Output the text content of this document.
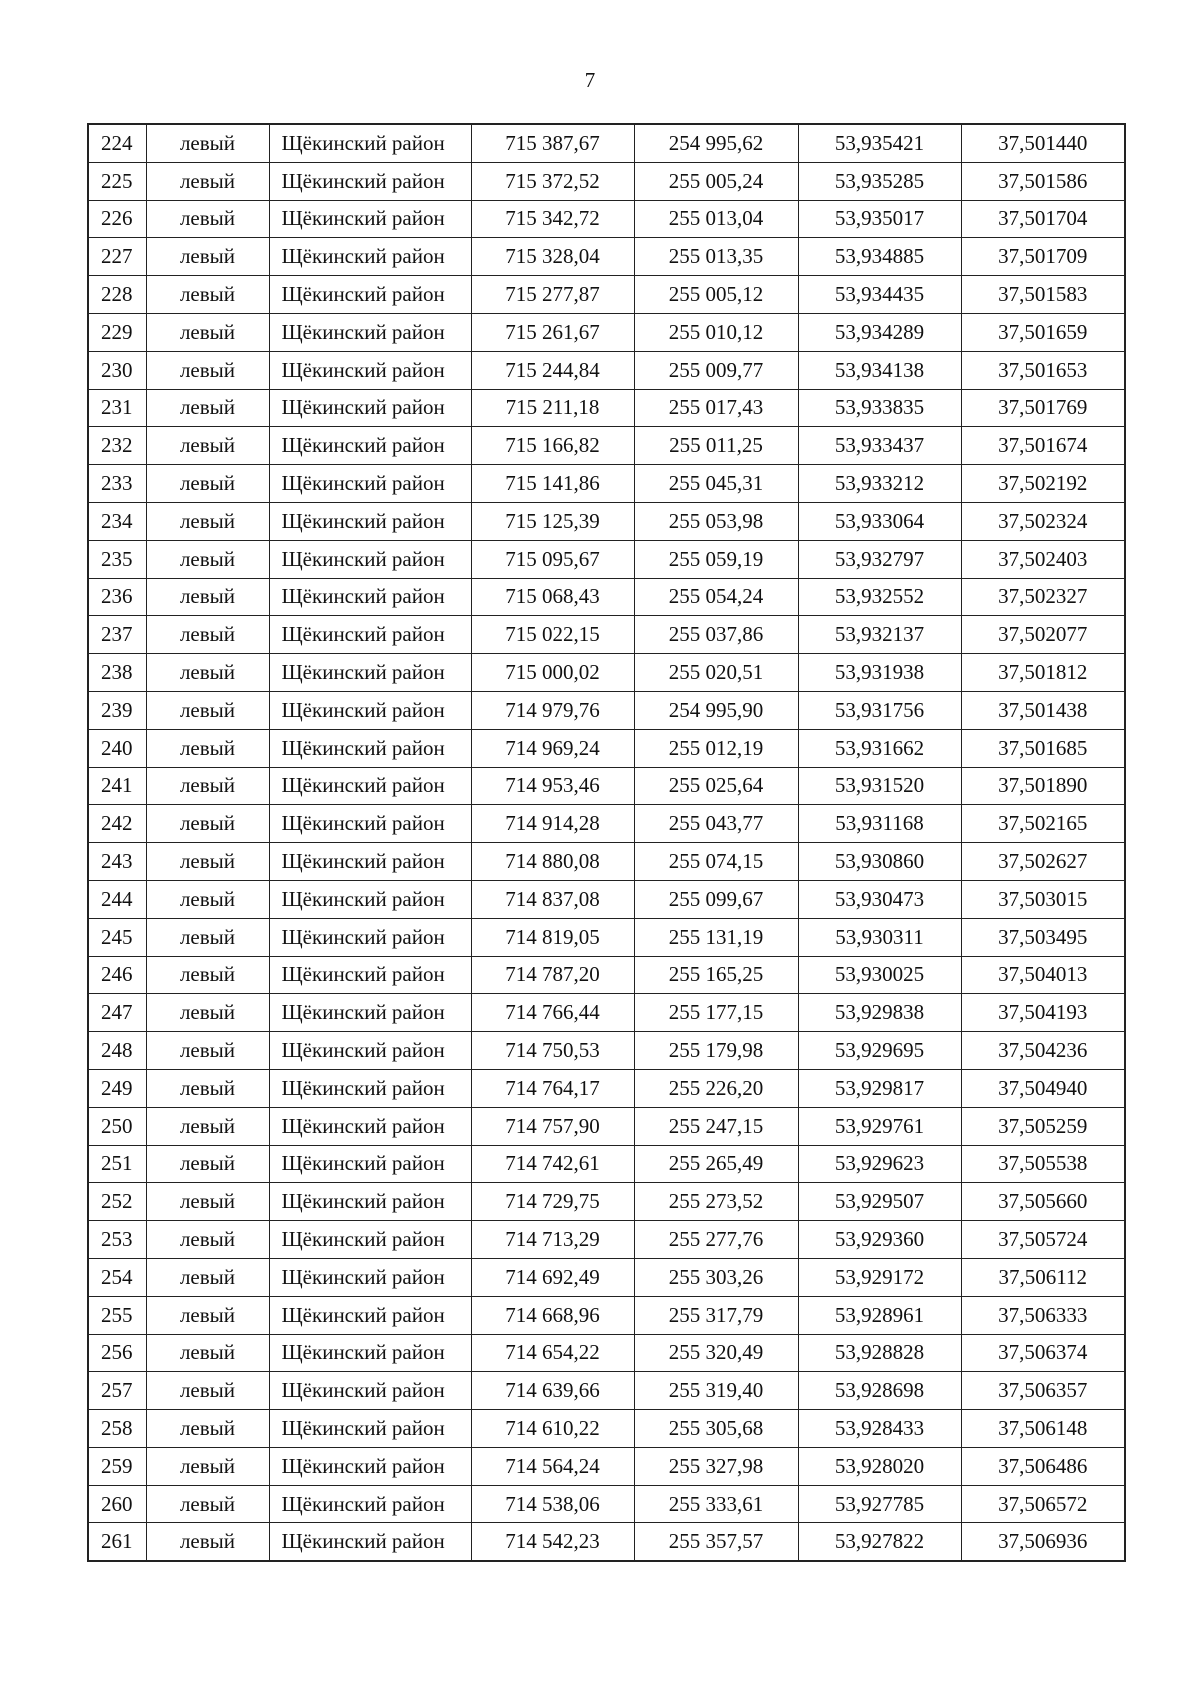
7
224	левый	Щёкинский район	715 387,67	254 995,62	53,935421	37,501440
225	левый	Щёкинский район	715 372,52	255 005,24	53,935285	37,501586
226	левый	Щёкинский район	715 342,72	255 013,04	53,935017	37,501704
227	левый	Щёкинский район	715 328,04	255 013,35	53,934885	37,501709
228	левый	Щёкинский район	715 277,87	255 005,12	53,934435	37,501583
229	левый	Щёкинский район	715 261,67	255 010,12	53,934289	37,501659
230	левый	Щёкинский район	715 244,84	255 009,77	53,934138	37,501653
231	левый	Щёкинский район	715 211,18	255 017,43	53,933835	37,501769
232	левый	Щёкинский район	715 166,82	255 011,25	53,933437	37,501674
233	левый	Щёкинский район	715 141,86	255 045,31	53,933212	37,502192
234	левый	Щёкинский район	715 125,39	255 053,98	53,933064	37,502324
235	левый	Щёкинский район	715 095,67	255 059,19	53,932797	37,502403
236	левый	Щёкинский район	715 068,43	255 054,24	53,932552	37,502327
237	левый	Щёкинский район	715 022,15	255 037,86	53,932137	37,502077
238	левый	Щёкинский район	715 000,02	255 020,51	53,931938	37,501812
239	левый	Щёкинский район	714 979,76	254 995,90	53,931756	37,501438
240	левый	Щёкинский район	714 969,24	255 012,19	53,931662	37,501685
241	левый	Щёкинский район	714 953,46	255 025,64	53,931520	37,501890
242	левый	Щёкинский район	714 914,28	255 043,77	53,931168	37,502165
243	левый	Щёкинский район	714 880,08	255 074,15	53,930860	37,502627
244	левый	Щёкинский район	714 837,08	255 099,67	53,930473	37,503015
245	левый	Щёкинский район	714 819,05	255 131,19	53,930311	37,503495
246	левый	Щёкинский район	714 787,20	255 165,25	53,930025	37,504013
247	левый	Щёкинский район	714 766,44	255 177,15	53,929838	37,504193
248	левый	Щёкинский район	714 750,53	255 179,98	53,929695	37,504236
249	левый	Щёкинский район	714 764,17	255 226,20	53,929817	37,504940
250	левый	Щёкинский район	714 757,90	255 247,15	53,929761	37,505259
251	левый	Щёкинский район	714 742,61	255 265,49	53,929623	37,505538
252	левый	Щёкинский район	714 729,75	255 273,52	53,929507	37,505660
253	левый	Щёкинский район	714 713,29	255 277,76	53,929360	37,505724
254	левый	Щёкинский район	714 692,49	255 303,26	53,929172	37,506112
255	левый	Щёкинский район	714 668,96	255 317,79	53,928961	37,506333
256	левый	Щёкинский район	714 654,22	255 320,49	53,928828	37,506374
257	левый	Щёкинский район	714 639,66	255 319,40	53,928698	37,506357
258	левый	Щёкинский район	714 610,22	255 305,68	53,928433	37,506148
259	левый	Щёкинский район	714 564,24	255 327,98	53,928020	37,506486
260	левый	Щёкинский район	714 538,06	255 333,61	53,927785	37,506572
261	левый	Щёкинский район	714 542,23	255 357,57	53,927822	37,506936
